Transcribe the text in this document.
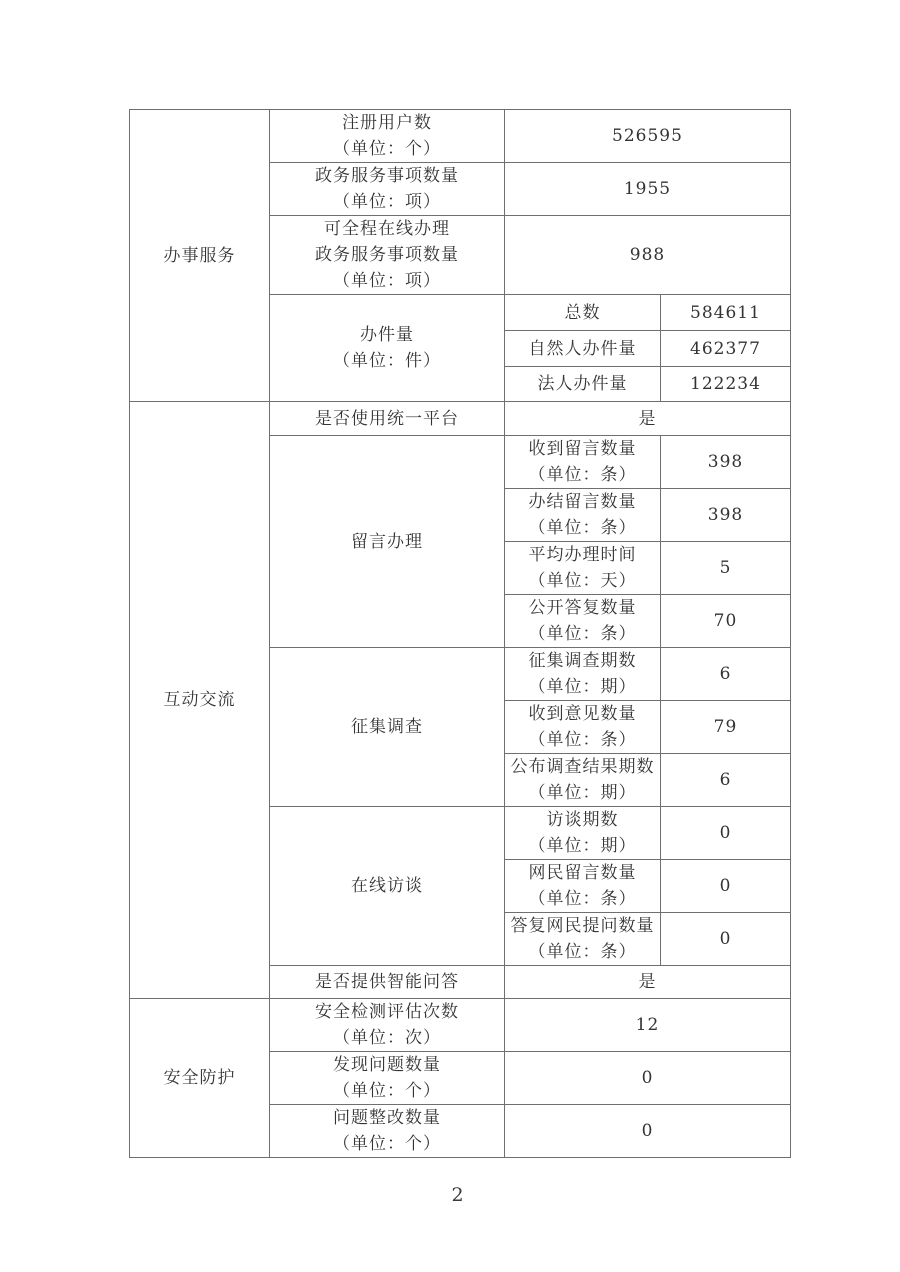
办事服务	注册用户数
（单位：个）	526595	

	政务服务事项数量
（单位：项）	1955	

	可全程在线办理
政务服务事项数量
（单位：项）	988	

	办件量
（单位：件）	总数	584611
		自然人办件量	462377
		法人办件量	122234

互动交流	是否使用统一平台	是	

	留言办理	收到留言数量
（单位：条）	398

		办结留言数量
（单位：条）	398

		平均办理时间
（单位：天）	5

		公开答复数量
（单位：条）	70

	征集调查	征集调查期数
（单位：期）	6

		收到意见数量
（单位：条）	79

		公布调查结果期数
（单位：期）	6

	在线访谈	访谈期数
（单位：期）	0

		网民留言数量
（单位：条）	0

		答复网民提问数量
（单位：条）	0
	是否提供智能问答	是	

安全防护	安全检测评估次数
（单位：次）	12	

	发现问题数量
（单位：个）	0	

	问题整改数量
（单位：个）	0	
2
